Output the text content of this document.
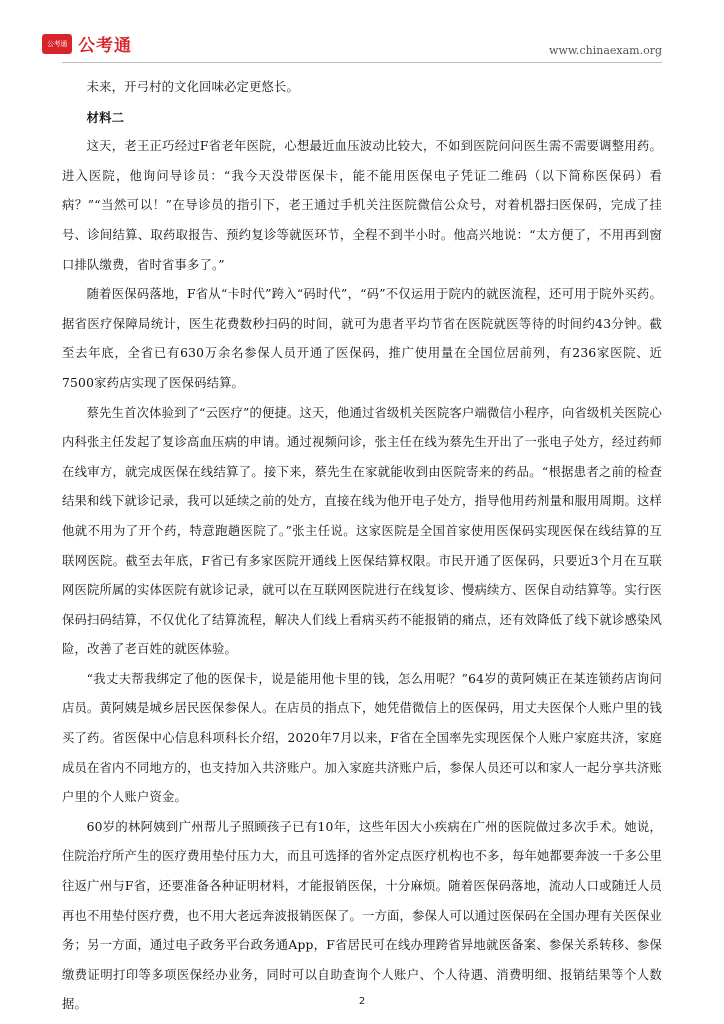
公考通 公考通	www.chinaexam.org

未来，开弓村的文化回味必定更悠长。

材料二

这天，老王正巧经过F省老年医院，心想最近血压波动比较大，不如到医院问问医生需不需要调整用药。进入医院，他询问导诊员：“我今天没带医保卡，能不能用医保电子凭证二维码（以下简称医保码）看病？”“当然可以！”在导诊员的指引下，老王通过手机关注医院微信公众号，对着机器扫医保码，完成了挂号、诊间结算、取药取报告、预约复诊等就医环节，全程不到半小时。他高兴地说：“太方便了，不用再到窗口排队缴费，省时省事多了。”

随着医保码落地，F省从“卡时代”跨入“码时代”，“码”不仅运用于院内的就医流程，还可用于院外买药。据省医疗保障局统计，医生花费数秒扫码的时间，就可为患者平均节省在医院就医等待的时间约43分钟。截至去年底，全省已有630万余名参保人员开通了医保码，推广使用量在全国位居前列，有236家医院、近7500家药店实现了医保码结算。

蔡先生首次体验到了“云医疗”的便捷。这天，他通过省级机关医院客户端微信小程序，向省级机关医院心内科张主任发起了复诊高血压病的申请。通过视频问诊，张主任在线为蔡先生开出了一张电子处方，经过药师在线审方，就完成医保在线结算了。接下来，蔡先生在家就能收到由医院寄来的药品。“根据患者之前的检查结果和线下就诊记录，我可以延续之前的处方，直接在线为他开电子处方，指导他用药剂量和服用周期。这样他就不用为了开个药，特意跑趟医院了。”张主任说。这家医院是全国首家使用医保码实现医保在线结算的互联网医院。截至去年底，F省已有多家医院开通线上医保结算权限。市民开通了医保码，只要近3个月在互联网医院所属的实体医院有就诊记录，就可以在互联网医院进行在线复诊、慢病续方、医保自动结算等。实行医保码扫码结算，不仅优化了结算流程，解决人们线上看病买药不能报销的痛点，还有效降低了线下就诊感染风险，改善了老百姓的就医体验。

“我丈夫帮我绑定了他的医保卡，说是能用他卡里的钱，怎么用呢？”64岁的黄阿姨正在某连锁药店询问店员。黄阿姨是城乡居民医保参保人。在店员的指点下，她凭借微信上的医保码，用丈夫医保个人账户里的钱买了药。省医保中心信息科项科长介绍，2020年7月以来，F省在全国率先实现医保个人账户家庭共济，家庭成员在省内不同地方的，也支持加入共济账户。加入家庭共济账户后，参保人员还可以和家人一起分享共济账户里的个人账户资金。

60岁的林阿姨到广州帮儿子照顾孩子已有10年，这些年因大小疾病在广州的医院做过多次手术。她说，住院治疗所产生的医疗费用垫付压力大，而且可选择的省外定点医疗机构也不多，每年她都要奔波一千多公里往返广州与F省，还要准备各种证明材料，才能报销医保，十分麻烦。随着医保码落地，流动人口或随迁人员再也不用垫付医疗费，也不用大老远奔波报销医保了。一方面，参保人可以通过医保码在全国办理有关医保业务；另一方面，通过电子政务平台政务通App，F省居民可在线办理跨省异地就医备案、参保关系转移、参保缴费证明打印等多项医保经办业务，同时可以自助查询个人账户、个人待遇、消费明细、报销结果等个人数据。	2
